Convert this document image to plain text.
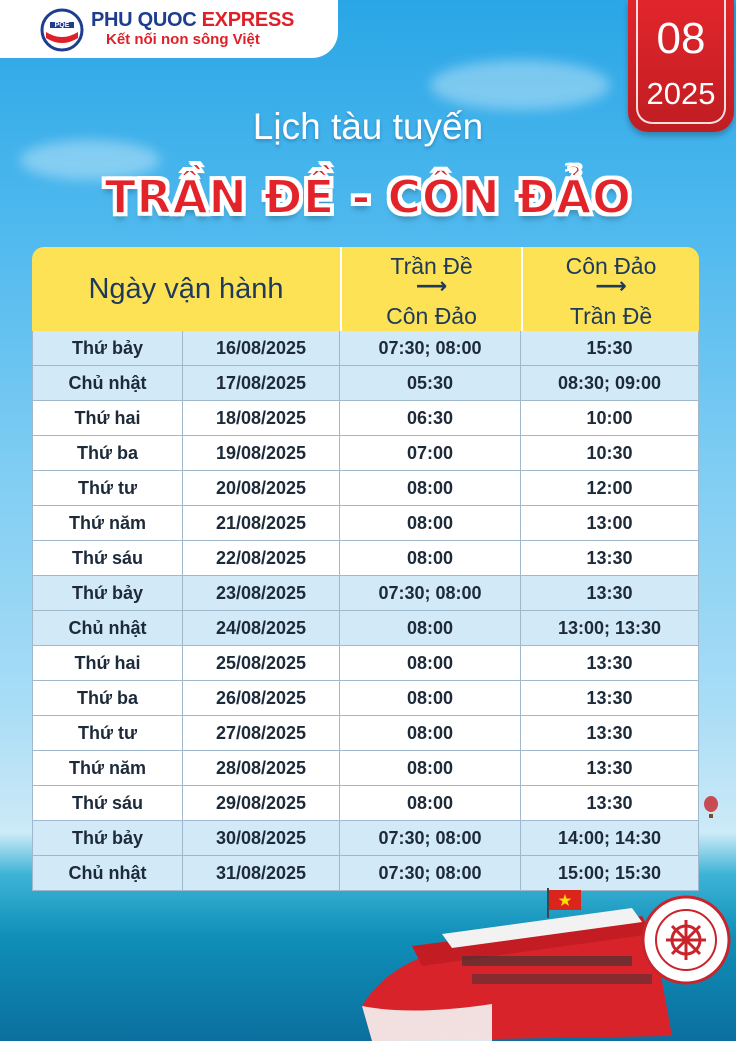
PQE PHU QUOC EXPRESS
Kết nối non sông Việt	08
2025
Lịch tàu tuyến
TRẦN ĐỀ - CÔN ĐẢO
Ngày vận hành
Trần Đề
⟶
Côn Đảo
Côn Đảo
⟶
Trần Đề
Thứ bảy	16/08/2025	07:30; 08:00	15:30
Chủ nhật	17/08/2025	05:30	08:30; 09:00
Thứ hai	18/08/2025	06:30	10:00
Thứ ba	19/08/2025	07:00	10:30
Thứ tư	20/08/2025	08:00	12:00
Thứ năm	21/08/2025	08:00	13:00
Thứ sáu	22/08/2025	08:00	13:30
Thứ bảy	23/08/2025	07:30; 08:00	13:30
Chủ nhật	24/08/2025	08:00	13:00; 13:30
Thứ hai	25/08/2025	08:00	13:30
Thứ ba	26/08/2025	08:00	13:30
Thứ tư	27/08/2025	08:00	13:30
Thứ năm	28/08/2025	08:00	13:30
Thứ sáu	29/08/2025	08:00	13:30
Thứ bảy	30/08/2025	07:30; 08:00	14:00; 14:30
Chủ nhật	31/08/2025	07:30; 08:00	15:00; 15:30
